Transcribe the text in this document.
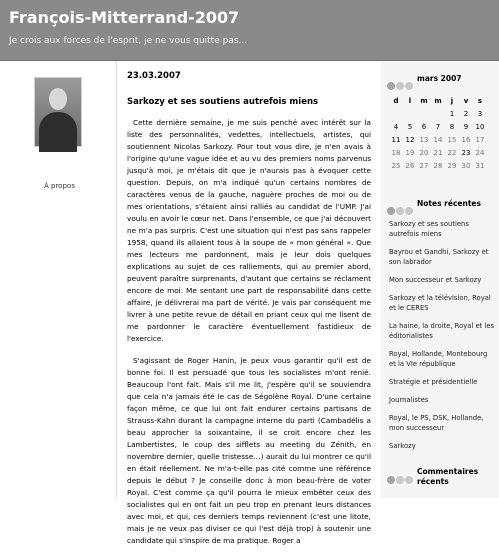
François-Mitterrand-2007
Je crois aux forces de l'esprit, je ne vous quitte pas...
À propos
23.03.2007
Sarkozy et ses soutiens autrefois miens

Cette dernière semaine, je me suis penché avec intérêt sur la liste des personnalités, vedettes, intellectuels, artistes, qui soutiennent Nicolas Sarkozy. Pour tout vous dire, je n'en avais à l'origine qu'une vague idée et au vu des premiers noms parvenus jusqu'à moi, je m'étais dit que je n'aurais pas à évoquer cette question. Depuis, on m'a indiqué qu'un certains nombres de caractères venus de la gauche, naguère proches de moi ou de mes orientations, s'étaient ainsi ralliés au candidat de l'UMP. J'ai voulu en avoir le cœur net. Dans l'ensemble, ce que j'ai découvert ne m'a pas surpris. C'est une situation qui n'est pas sans rappeler 1958, quand ils allaient tous à la soupe de « mon général ». Que mes lecteurs me pardonnent, mais je leur dois quelques explications au sujet de ces ralliements, qui au premier abord, peuvent paraître surprenants, d'autant que certains se réclament encore de moi. Me sentant une part de responsabilité dans cette affaire, je délivrerai ma part de vérité. Je vais par conséquent me livrer à une petite revue de détail en priant ceux qui me lisent de me pardonner le caractère éventuellement fastidieux de l'exercice.

S'agissant de Roger Hanin, je peux vous garantir qu'il est de bonne foi. Il est persuadé que tous les socialistes m'ont renié. Beaucoup l'ont fait. Mais s'il me lit, j'espère qu'il se souviendra que cela n'a jamais été le cas de Ségolène Royal. D'une certaine façon même, ce que lui ont fait endurer certains partisans de Strauss-Kahn durant la campagne interne du parti (Cambadélis a beau approcher la soixantaine, il se croit encore chez les Lambertistes, le coup des sifflets au meeting du Zénith, en novembre dernier, quelle tristesse…) aurait du lui montrer ce qu'il en était réellement. Ne m'a-t-elle pas cité comme une référence depuis le début ? Je conseille donc à mon beau-frère de voter Royal. C'est comme ça qu'il pourra le mieux embêter ceux des socialistes qui en ont fait un peu trop en prenant leurs distances avec moi, et qui, ces derniers temps reviennent (c'est une litote, mais je ne veux pas diviser ce qui l'est déjà trop) à soutenir une candidate qui s'inspire de ma pratique. Roger a

mars 2007
d	l	m	m	j	v	s
				1	2	3
4	5	6	7	8	9	10
11	12	13	14	15	16	17
18	19	20	21	22	23	24
25	26	27	28	29	30	31
Notes récentes
Sarkozy et ses soutiens autrefois miens
Bayrou et Gandhi, Sarkozy et son labrador
Mon successeur et Sarkozy
Sarkozy et la télévision, Royal et le CERES
La haine, la droite, Royal et les éditorialistes
Royal, Hollande, Montebourg et la VIe république
Stratégie et présidentielle
Journalistes
Royal, le PS, DSK, Hollande, mon successeur
Sarkozy
Commentaires récents
